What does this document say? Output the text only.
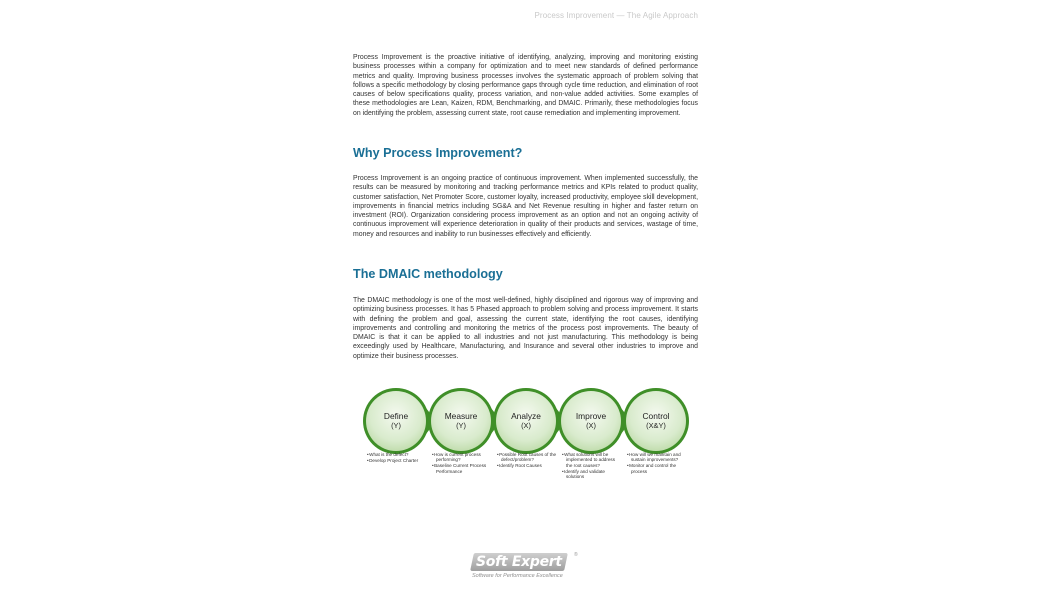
Process Improvement — The Agile Approach

Process Improvement is the proactive initiative of identifying, analyzing, improving and monitoring existing business processes within a company for optimization and to meet new standards of defined performance metrics and quality. Improving business processes involves the systematic approach of problem solving that follows a specific methodology by closing performance gaps through cycle time reduction, and elimination of root causes of below specifications quality, process variation, and non-value added activities. Some examples of these methodologies are Lean, Kaizen, RDM, Benchmarking, and DMAIC. Primarily, these methodologies focus on identifying the problem, assessing current state, root cause remediation and implementing improvement.

Why Process Improvement?

Process Improvement is an ongoing practice of continuous improvement. When implemented successfully, the results can be measured by monitoring and tracking performance metrics and KPIs related to product quality, customer satisfaction, Net Promoter Score, customer loyalty, increased productivity, employee skill development, improvements in financial metrics including SG&A and Net Revenue resulting in higher and faster return on investment (ROI). Organization considering process improvement as an option and not an ongoing activity of continuous improvement will experience deterioration in quality of their products and services, wastage of time, money and resources and inability to run businesses effectively and efficiently.

The DMAIC methodology

The DMAIC methodology is one of the most well-defined, highly disciplined and rigorous way of improving and optimizing business processes. It has 5 Phased approach to problem solving and process improvement. It starts with defining the problem and goal, assessing the current state, identifying the root causes, identifying improvements and controlling and monitoring the metrics of the process post improvements. The beauty of DMAIC is that it can be applied to all industries and not just manufacturing. This methodology is being exceedingly used by Healthcare, Manufacturing, and Insurance and several other industries to improve and optimize their business processes.

Define
(Y)
• What is the defect?
• Develop Project Charter
Measure
(Y)
• How is current process performing?
• Baseline Current Process Performance
Analyze
(X)
• Possible Root causes of the defect/problem?
• Identify Root Causes
Improve
(X)
• What solutions will be implemented to address the root causes?
• Identify and validate solutions
Control
(X&Y)
• How will we maintain and sustain improvements?
• Monitor and control the process
Soft Expert ®
Software for Performance Excellence
